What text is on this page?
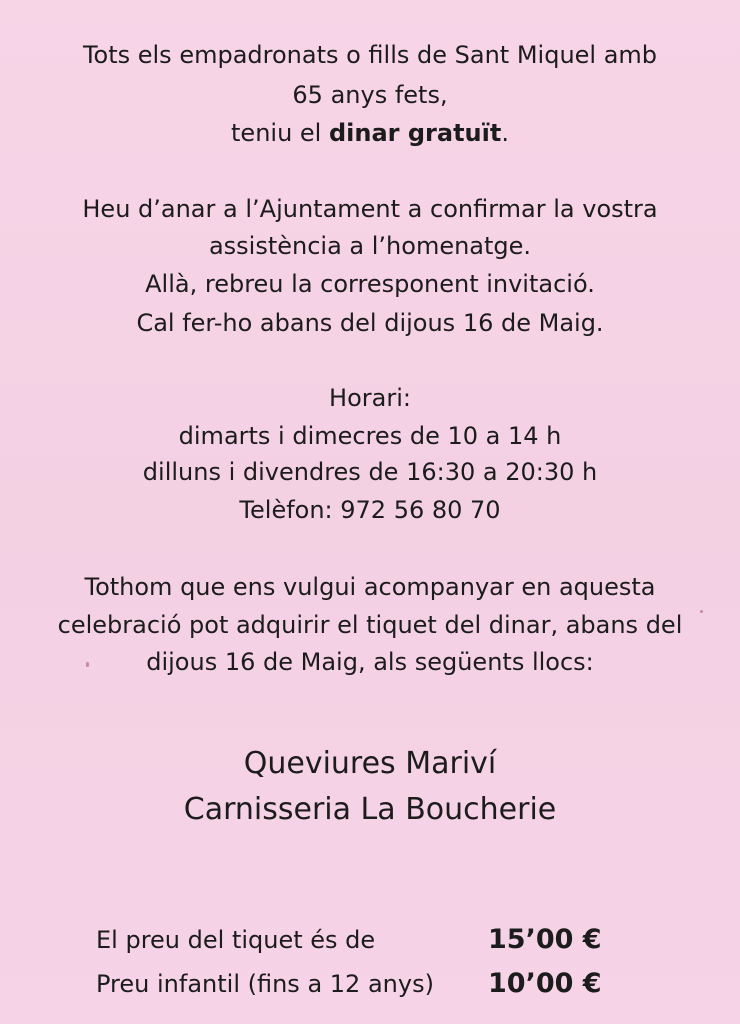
Tots els empadronats o fills de Sant Miquel amb
65 anys fets,
teniu el dinar gratuït.
Heu d’anar a l’Ajuntament a confirmar la vostra
assistència a l’homenatge.
Allà, rebreu la corresponent invitació.
Cal fer-ho abans del dijous 16 de Maig.
Horari:
dimarts i dimecres de 10 a 14 h
dilluns i divendres de 16:30 a 20:30 h
Telèfon: 972 56 80 70
Tothom que ens vulgui acompanyar en aquesta
celebració pot adquirir el tiquet del dinar, abans del
dijous 16 de Maig, als següents llocs:
Queviures Mariví
Carnisseria La Boucherie
El preu del tiquet és de	15’00 €
Preu infantil (fins a 12 anys) 10’00 €
